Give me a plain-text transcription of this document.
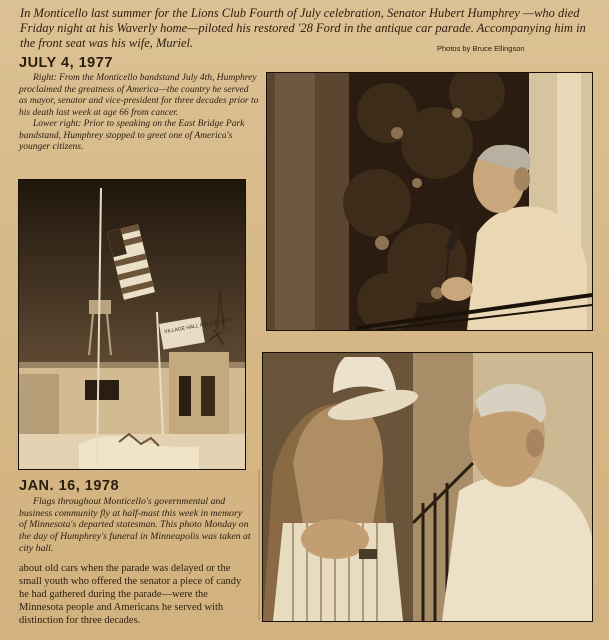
In Monticello last summer for the Lions Club Fourth of July celebration, Senator Hubert Humphrey —who died Friday night at his Waverly home—piloted his restored '28 Ford in the antique car parade. Accompanying him in the front seat was his wife, Muriel.	Photos by Bruce Ellingson
JULY 4, 1977

Right: From the Monticello bandstand July 4th, Humphrey proclaimed the greatness of America—the country he served as mayor, senator and vice-president for three decades prior to his death last week at age 66 from cancer.

Lower right: Prior to speaking on the East Bridge Park bandstand, Humphrey stopped to greet one of America's younger citizens.

VILLAGE HALL POLICE DEPT.
JAN. 16, 1978

Flags throughout Monticello's governmental and business community fly at half-mast this week in memory of Minnesota's departed statesman. This photo Monday on the day of Humphrey's funeral in Minneapolis was taken at city hall.

about old cars when the parade was delayed or the small youth who offered the senator a piece of candy he had gathered during the parade—were the Minnesota people and Americans he served with distinction for three decades.
